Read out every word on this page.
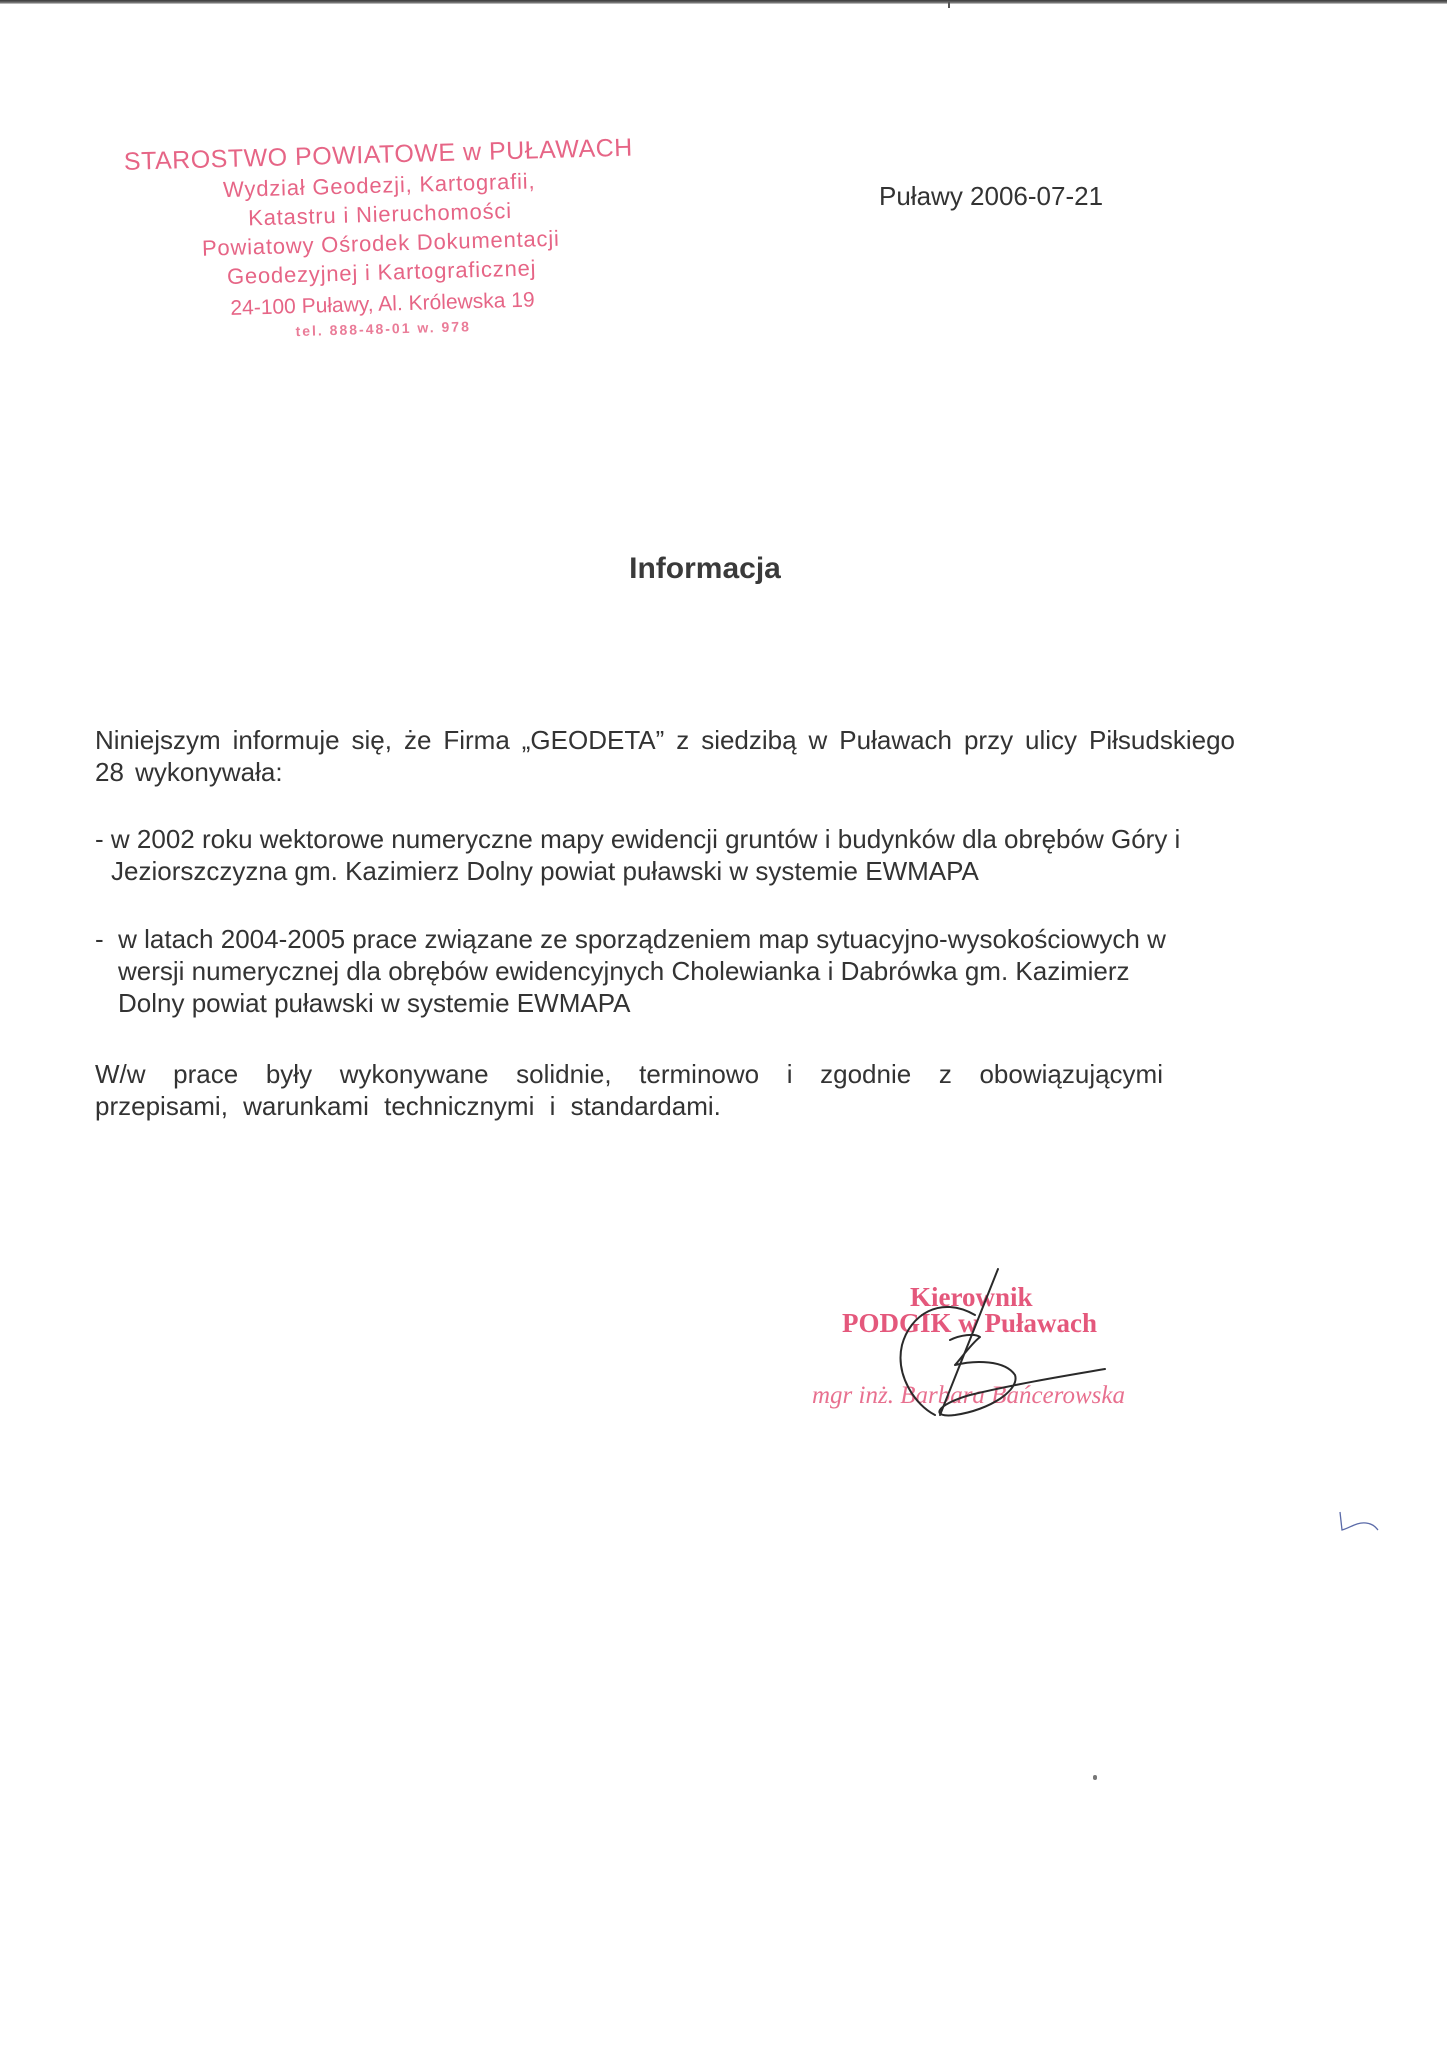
STAROSTWO POWIATOWE w PUŁAWACH
Wydział Geodezji, Kartografii,
Katastru i Nieruchomości
Powiatowy Ośrodek Dokumentacji
Geodezyjnej i Kartograficznej
24-100 Puławy, Al. Królewska 19
tel. 888-48-01 w. 978
Puławy 2006-07-21
Informacja
Niniejszym informuje się, że Firma „GEODETA” z siedzibą w Puławach przy ulicy Piłsudskiego 28 wykonywała:
- w 2002 roku wektorowe numeryczne mapy ewidencji gruntów i budynków dla obrębów Góry i
Jeziorszczyzna gm. Kazimierz Dolny powiat puławski w systemie EWMAPA
- w latach 2004-2005 prace związane ze sporządzeniem map sytuacyjno-wysokościowych w
wersji numerycznej dla obrębów ewidencyjnych Cholewianka i Dabrówka gm. Kazimierz
Dolny powiat puławski w systemie EWMAPA
W/w prace były wykonywane solidnie, terminowo i zgodnie z obowiązującymi przepisami, warunkami technicznymi i standardami.
Kierownik
PODGIK w Puławach
mgr inż. Barbara Bańcerowska
